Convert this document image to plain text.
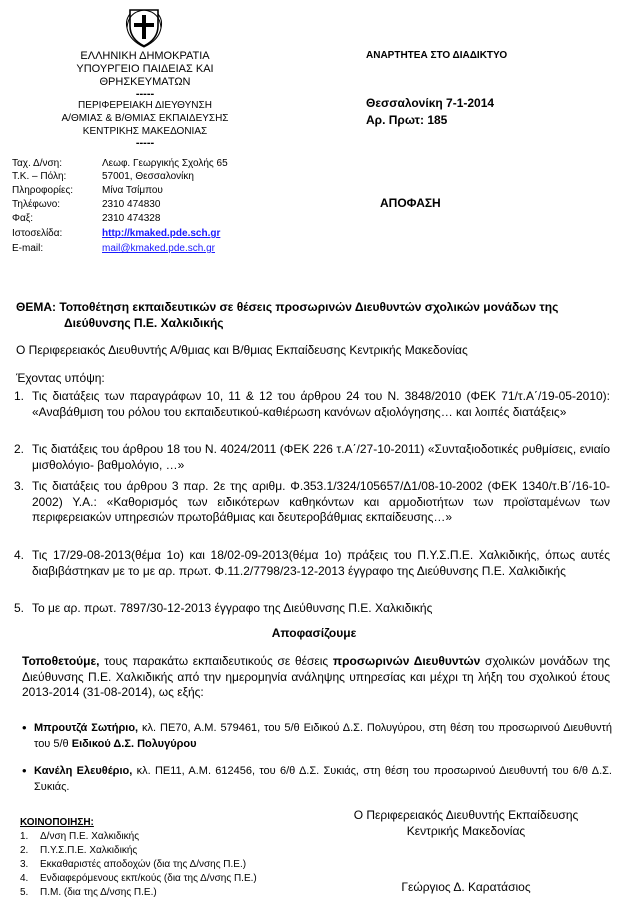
ΕΛΛΗΝΙΚΗ ΔΗΜΟΚΡΑΤΙΑ
ΥΠΟΥΡΓΕΙΟ ΠΑΙΔΕΙΑΣ ΚΑΙ ΘΡΗΣΚΕΥΜΑΤΩΝ
-----
ΠΕΡΙΦΕΡΕΙΑΚΗ ΔΙΕΥΘΥΝΣΗ
Α/ΘΜΙΑΣ & Β/ΘΜΙΑΣ ΕΚΠΑΙΔΕΥΣΗΣ
ΚΕΝΤΡΙΚΗΣ ΜΑΚΕΔΟΝΙΑΣ
-----
ΑΝΑΡΤΗΤΕΑ ΣΤΟ ΔΙΑΔΙΚΤΥΟ
Θεσσαλονίκη 7-1-2014
Αρ. Πρωτ: 185
ΑΠΟΦΑΣΗ
Ταχ. Δ/νση:	Λεωφ. Γεωργικής Σχολής 65
Τ.Κ. – Πόλη:	57001, Θεσσαλονίκη
Πληροφορίες:	Μίνα Τσίμπου
Τηλέφωνο:	2310 474830
Φαξ:	2310 474328
Ιστοσελίδα:	http://kmaked.pde.sch.gr
E-mail:	mail@kmaked.pde.sch.gr
ΘΕΜΑ: Τοποθέτηση εκπαιδευτικών σε θέσεις προσωρινών Διευθυντών σχολικών μονάδων της
Διεύθυνσης Π.Ε. Χαλκιδικής
Ο Περιφερειακός Διευθυντής Α/θμιας και Β/θμιας Εκπαίδευσης Κεντρικής Μακεδονίας
Έχοντας υπόψη:
1. Τις διατάξεις των παραγράφων 10, 11 & 12 του άρθρου 24 του Ν. 3848/2010 (ΦΕΚ 71/τ.Α΄/19-05-2010): «Αναβάθμιση του ρόλου του εκπαιδευτικού-καθιέρωση κανόνων αξιολόγησης… και λοιπές διατάξεις»
2. Τις διατάξεις του άρθρου 18 του Ν. 4024/2011 (ΦΕΚ 226 τ.Α΄/27-10-2011) «Συνταξιοδοτικές ρυθμίσεις, ενιαίο μισθολόγιο- βαθμολόγιο, …»
3. Τις διατάξεις του άρθρου 3 παρ. 2ε της αριθμ. Φ.353.1/324/105657/Δ1/08-10-2002 (ΦΕΚ 1340/τ.Β΄/16-10-2002) Υ.Α.: «Καθορισμός των ειδικότερων καθηκόντων και αρμοδιοτήτων των προϊσταμένων των περιφερειακών υπηρεσιών πρωτοβάθμιας και δευτεροβάθμιας εκπαίδευσης…»
4. Τις 17/29-08-2013(θέμα 1ο) και 18/02-09-2013(θέμα 1ο) πράξεις του Π.Υ.Σ.Π.Ε. Χαλκιδικής, όπως αυτές διαβιβάστηκαν με το με αρ. πρωτ. Φ.11.2/7798/23-12-2013 έγγραφο της Διεύθυνσης Π.Ε. Χαλκιδικής
5. Το με αρ. πρωτ. 7897/30-12-2013 έγγραφο της Διεύθυνσης Π.Ε. Χαλκιδικής
Αποφασίζουμε
Τοποθετούμε, τους παρακάτω εκπαιδευτικούς σε θέσεις προσωρινών Διευθυντών σχολικών μονάδων της Διεύθυνσης Π.Ε. Χαλκιδικής από την ημερομηνία ανάληψης υπηρεσίας και μέχρι τη λήξη του σχολικού έτους 2013-2014 (31-08-2014), ως εξής:
• Μπρουτζά Σωτήριο, κλ. ΠΕ70, Α.Μ. 579461, του 5/θ Ειδικού Δ.Σ. Πολυγύρου, στη θέση του προσωρινού Διευθυντή του 5/θ Ειδικού Δ.Σ. Πολυγύρου
• Κανέλη Ελευθέριο, κλ. ΠΕ11, Α.Μ. 612456, του 6/θ Δ.Σ. Συκιάς, στη θέση του προσωρινού Διευθυντή του 6/θ Δ.Σ. Συκιάς.
ΚΟΙΝΟΠΟΙΗΣΗ:
1. Δ/νση Π.Ε. Χαλκιδικής
2. Π.Υ.Σ.Π.Ε. Χαλκιδικής
3. Εκκαθαριστές αποδοχών (δια της Δ/νσης Π.Ε.)
4. Ενδιαφερόμενους εκπ/κούς (δια της Δ/νσης Π.Ε.)
5. Π.Μ. (δια της Δ/νσης Π.Ε.)
Ο Περιφερειακός Διευθυντής Εκπαίδευσης
Κεντρικής Μακεδονίας
Γεώργιος Δ. Καρατάσιος
